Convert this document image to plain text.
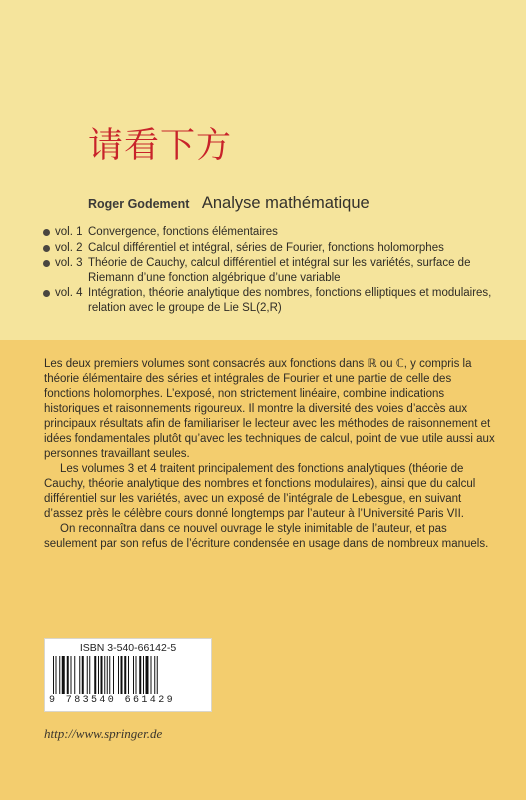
请看下方
Roger Godement Analyse mathématique
vol. 1 Convergence, fonctions élémentaires
vol. 2 Calcul différentiel et intégral, séries de Fourier, fonctions holomorphes
vol. 3 Théorie de Cauchy, calcul différentiel et intégral sur les variétés, surface de Riemann d’une fonction algébrique d’une variable
vol. 4 Intégration, théorie analytique des nombres, fonctions elliptiques et modulaires, relation avec le groupe de Lie SL(2,R)

Les deux premiers volumes sont consacrés aux fonctions dans ℝ ou ℂ, y compris la théorie élémentaire des séries et intégrales de Fourier et une partie de celle des fonctions holomorphes. L’exposé, non strictement linéaire, combine indications historiques et raisonnements rigoureux. Il montre la diversité des voies d’accès aux principaux résultats afin de familiariser le lecteur avec les méthodes de raisonnement et idées fondamentales plutôt qu’avec les techniques de calcul, point de vue utile aussi aux personnes travaillant seules.

Les volumes 3 et 4 traitent principalement des fonctions analytiques (théorie de Cauchy, théorie analytique des nombres et fonctions modulaires), ainsi que du calcul différentiel sur les variétés, avec un exposé de l’intégrale de Lebesgue, en suivant d’assez près le célèbre cours donné longtemps par l’auteur à l’Université Paris VII.

On reconnaîtra dans ce nouvel ouvrage le style inimitable de l’auteur, et pas seulement par son refus de l’écriture condensée en usage dans de nombreux manuels.

ISBN 3-540-66142-5
9 783540 661429
http://www.springer.de
